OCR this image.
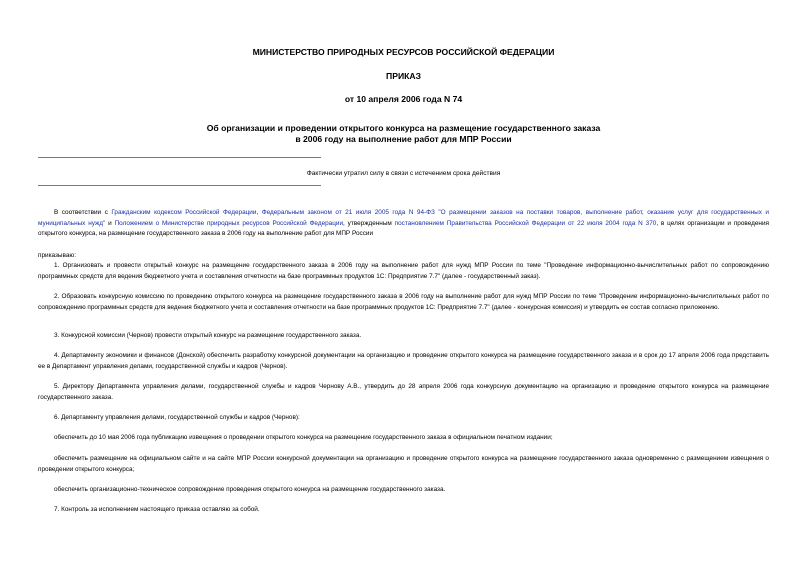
МИНИСТЕРСТВО ПРИРОДНЫХ РЕСУРСОВ РОССИЙСКОЙ ФЕДЕРАЦИИ
ПРИКАЗ
от 10 апреля 2006 года N 74
Об организации и проведении открытого конкурса на размещение государственного заказа
в 2006 году на выполнение работ для МПР России
Фактически утратил силу в связи с истечением срока действия
В соответствии с Гражданским кодексом Российской Федерации, Федеральным законом от 21 июля 2005 года N 94-ФЗ "О размещении заказов на поставки товаров, выполнение работ, оказание услуг для государственных и муниципальных нужд" и Положением о Министерстве природных ресурсов Российской Федерации, утвержденным постановлением Правительства Российской Федерации от 22 июля 2004 года N 370, в целях организации и проведения открытого конкурса, на размещение государственного заказа в 2006 году на выполнение работ для МПР России
приказываю:
1. Организовать и провести открытый конкурс на размещение государственного заказа в 2006 году на выполнение работ для нужд МПР России по теме "Проведение информационно-вычислительных работ по сопровождению программных средств для ведения бюджетного учета и составления отчетности на базе программных продуктов 1С: Предприятие 7.7" (далее - государственный заказ).
2. Образовать конкурсную комиссию по проведению открытого конкурса на размещение государственного заказа в 2006 году на выполнение работ для нужд МПР России по теме "Проведение информационно-вычислительных работ по сопровождению программных средств для ведения бюджетного учета и составления отчетности на базе программных продуктов 1С: Предприятие 7.7" (далее - конкурсная комиссия) и утвердить ее состав согласно приложению.
3. Конкурсной комиссии (Чернов) провести открытый конкурс на размещение государственного заказа.
4. Департаменту экономики и финансов (Донской) обеспечить разработку конкурсной документации на организацию и проведение открытого конкурса на размещение государственного заказа и в срок до 17 апреля 2006 года представить ее в Департамент управления делами, государственной службы и кадров (Чернов).
5. Директору Департамента управления делами, государственной службы и кадров Чернову А.В., утвердить до 28 апреля 2006 года конкурсную документацию на организацию и проведение открытого конкурса на размещение государственного заказа.
6. Департаменту управления делами, государственной службы и кадров (Чернов):
обеспечить до 10 мая 2006 года публикацию извещения о проведении открытого конкурса на размещение государственного заказа в официальном печатном издании;
обеспечить размещение на официальном сайте и на сайте МПР России конкурсной документации на организацию и проведение открытого конкурса на размещение государственного заказа одновременно с размещением извещения о проведении открытого конкурса;
обеспечить организационно-техническое сопровождение проведения открытого конкурса на размещение государственного заказа.
7. Контроль за исполнением настоящего приказа оставляю за собой.
